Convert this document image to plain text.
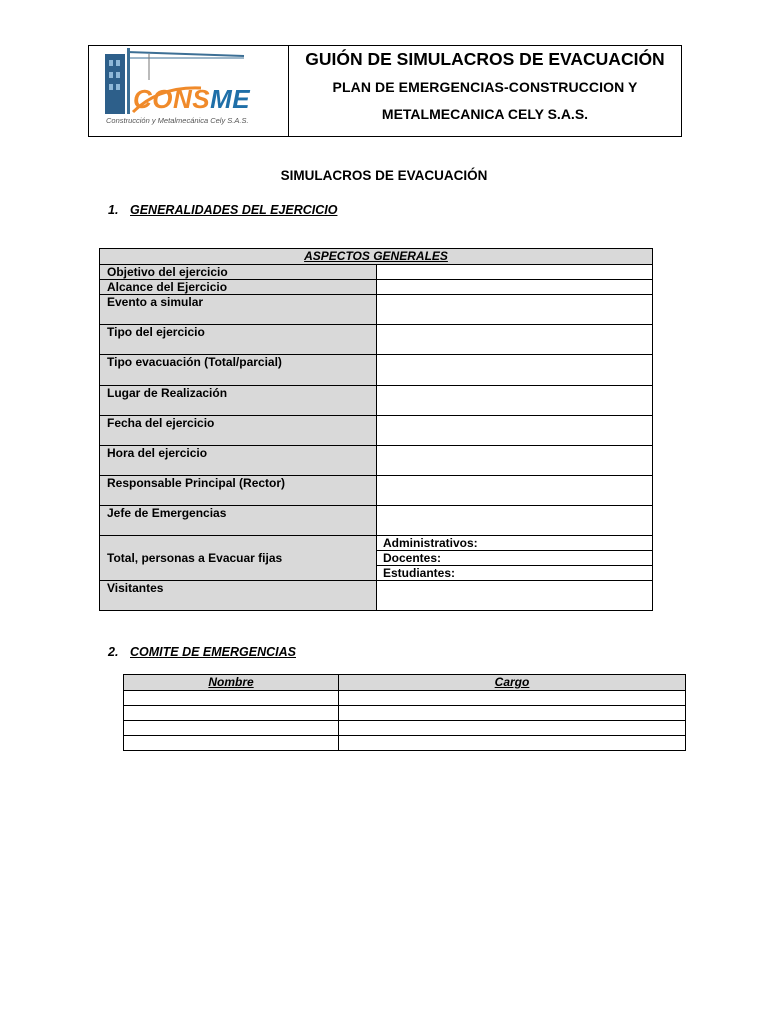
CONSME
Construcción y Metalmecánica Cely S.A.S.
GUIÓN DE SIMULACROS DE EVACUACIÓN
PLAN DE EMERGENCIAS-CONSTRUCCION Y
METALMECANICA CELY S.A.S.
SIMULACROS DE EVACUACIÓN
1. GENERALIDADES DEL EJERCICIO
ASPECTOS GENERALES	
Objetivo del ejercicio	
Alcance del Ejercicio	
Evento a simular	
Tipo del ejercicio	
Tipo evacuación (Total/parcial)	
Lugar de Realización	
Fecha del ejercicio	
Hora del ejercicio	
Responsable Principal (Rector)	
Jefe de Emergencias	
Total, personas a Evacuar fijas	Administrativos:
	Docentes:
	Estudiantes:
Visitantes	
2. COMITE DE EMERGENCIAS
Nombre	Cargo
